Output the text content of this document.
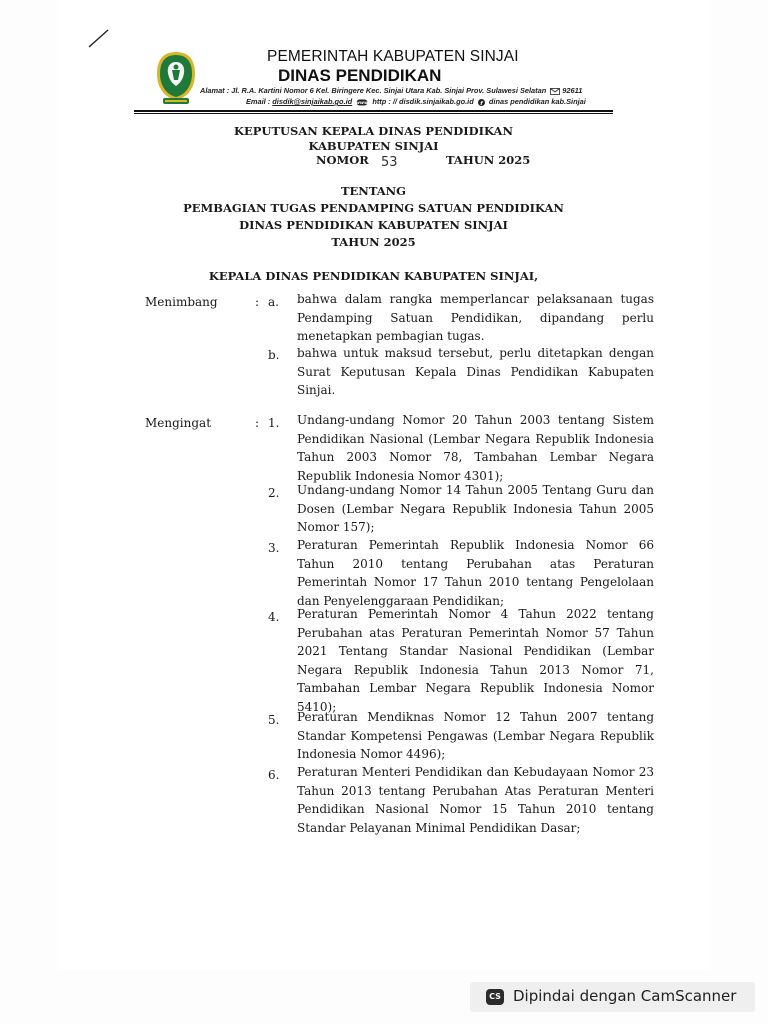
PEMERINTAH KABUPATEN SINJAI
DINAS PENDIDIKAN
Alamat : Jl. R.A. Kartini Nomor 6 Kel. Biringere Kec. Sinjai Utara Kab. Sinjai Prov. Sulawesi Selatan 92611
Email : disdik@sinjaikab.go.id www http : // disdik.sinjaikab.go.id f dinas pendidikan kab.Sinjai
KEPUTUSAN KEPALA DINAS PENDIDIKAN
KABUPATEN SINJAI
NOMOR 53	TAHUN 2025
TENTANG
PEMBAGIAN TUGAS PENDAMPING SATUAN PENDIDIKAN
DINAS PENDIDIKAN KABUPATEN SINJAI
TAHUN 2025
KEPALA DINAS PENDIDIKAN KABUPATEN SINJAI,
Menimbang	: a. bahwa dalam rangka memperlancar pelaksanaan tugas Pendamping Satuan Pendidikan, dipandang perlu menetapkan pembagian tugas.
b. bahwa untuk maksud tersebut, perlu ditetapkan dengan Surat Keputusan Kepala Dinas Pendidikan Kabupaten Sinjai.
Mengingat	: 1. Undang-undang Nomor 20 Tahun 2003 tentang Sistem Pendidikan Nasional (Lembar Negara Republik Indonesia Tahun 2003 Nomor 78, Tambahan Lembar Negara Republik Indonesia Nomor 4301);
2. Undang-undang Nomor 14 Tahun 2005 Tentang Guru dan Dosen (Lembar Negara Republik Indonesia Tahun 2005 Nomor 157);
3. Peraturan Pemerintah Republik Indonesia Nomor 66 Tahun 2010 tentang Perubahan atas Peraturan Pemerintah Nomor 17 Tahun 2010 tentang Pengelolaan dan Penyelenggaraan Pendidikan;
4. Peraturan Pemerintah Nomor 4 Tahun 2022 tentang Perubahan atas Peraturan Pemerintah Nomor 57 Tahun 2021 Tentang Standar Nasional Pendidikan (Lembar Negara Republik Indonesia Tahun 2013 Nomor 71, Tambahan Lembar Negara Republik Indonesia Nomor 5410);
5. Peraturan Mendiknas Nomor 12 Tahun 2007 tentang Standar Kompetensi Pengawas (Lembar Negara Republik Indonesia Nomor 4496);
6. Peraturan Menteri Pendidikan dan Kebudayaan Nomor 23 Tahun 2013 tentang Perubahan Atas Peraturan Menteri Pendidikan Nasional Nomor 15 Tahun 2010 tentang Standar Pelayanan Minimal Pendidikan Dasar;
CS Dipindai dengan CamScanner
